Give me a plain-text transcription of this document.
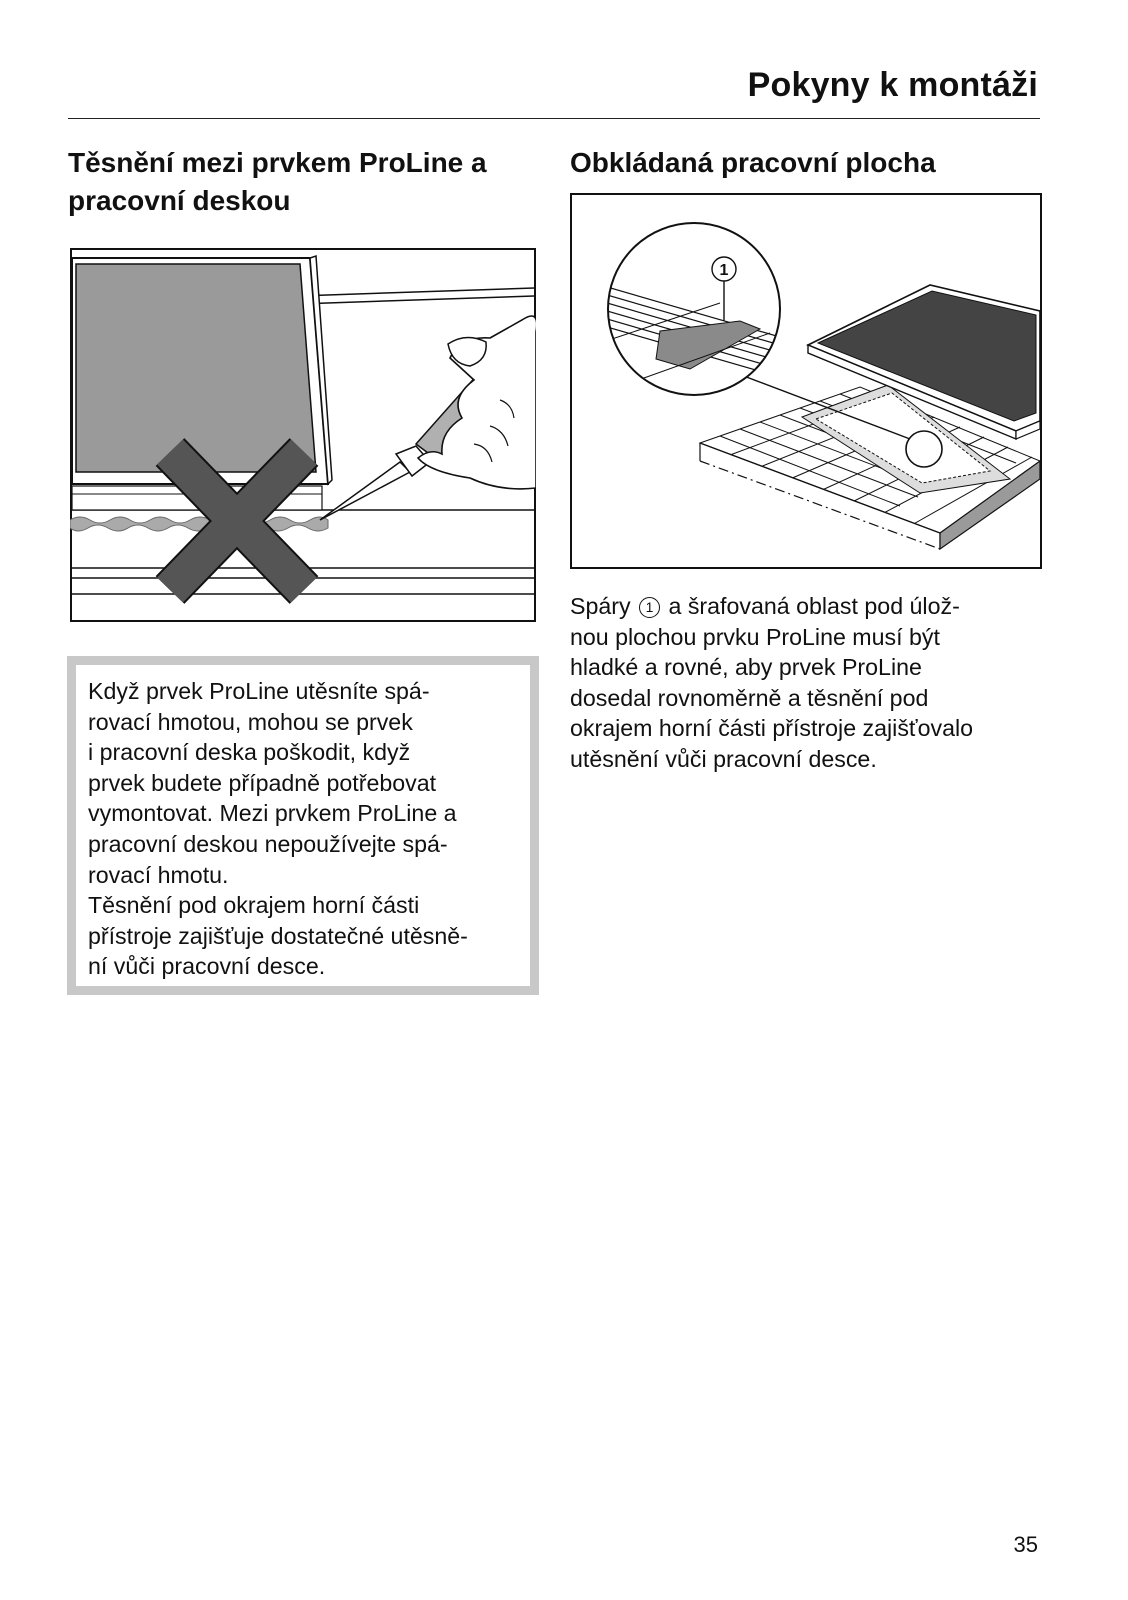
Pokyny k montáži
Těsnění mezi prvkem ProLine a
pracovní deskou
Obkládaná pracovní plocha
1

Když prvek ProLine utěsníte spá-
rovací hmotou, mohou se prvek
i pracovní deska poškodit, když
prvek budete případně potřebovat
vymontovat. Mezi prvkem ProLine a
pracovní deskou nepoužívejte spá-
rovací hmotu.
Těsnění pod okrajem horní části
přístroje zajišťuje dostatečné utěsně-
ní vůči pracovní desce.

Spáry 1 a šrafovaná oblast pod úlož-
nou plochou prvku ProLine musí být
hladké a rovné, aby prvek ProLine
dosedal rovnoměrně a těsnění pod
okrajem horní části přístroje zajišťovalo
utěsnění vůči pracovní desce.

35
